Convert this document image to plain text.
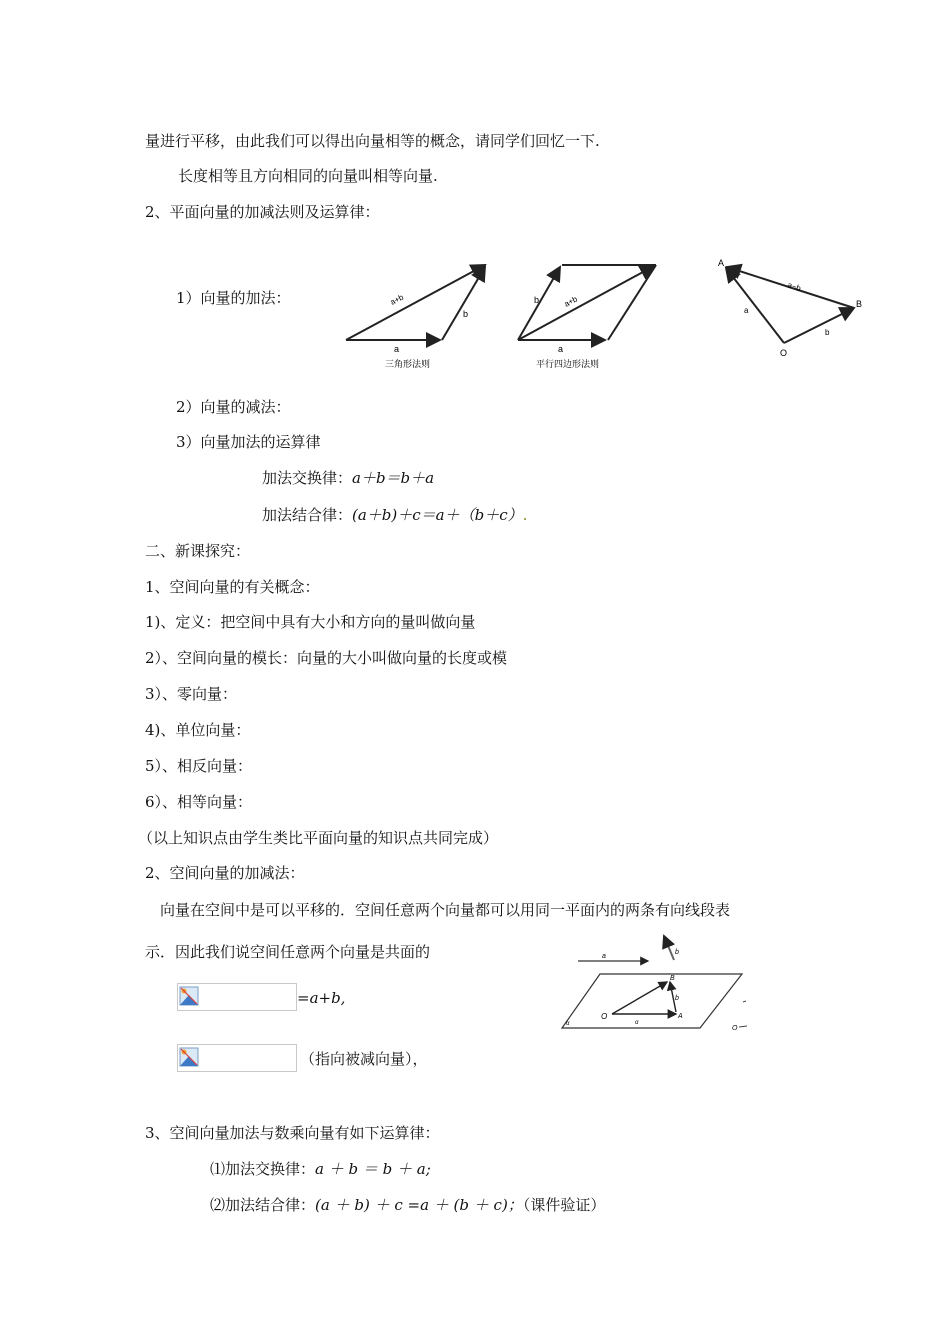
量进行平移，由此我们可以得出向量相等的概念，请同学们回忆一下.
长度相等且方向相同的向量叫相等向量.
2、平面向量的加减法则及运算律：
1）向量的加法：
a
b
a+b
三角形法则
a
b	a+b
平行四边形法则
A
B
O
a
b
a−b
2）向量的减法：
3）向量加法的运算律
加法交换律：a＋b＝b＋a
加法结合律：(a＋b)＋c＝a＋（b＋c）.
二、新课探究：
1、空间向量的有关概念：
1)、定义：把空间中具有大小和方向的量叫做向量
2）、空间向量的模长：向量的大小叫做向量的长度或模
3）、零向量：
4)、单位向量：
5）、相反向量：
6）、相等向量：
（以上知识点由学生类比平面向量的知识点共同完成）
2、空间向量的加减法：
向量在空间中是可以平移的．空间任意两个向量都可以用同一平面内的两条有向线段表
示．因此我们说空间任意两个向量是共面的
=a+b,
（指向被减向量），
a
b
B
b
O
α
A
α
O
3、空间向量加法与数乘向量有如下运算律：
⑴加法交换律：a ＋ b ＝ b ＋ a;
⑵加法结合律：(a ＋ b) ＋ c =a ＋ (b ＋ c)；（课件验证）
